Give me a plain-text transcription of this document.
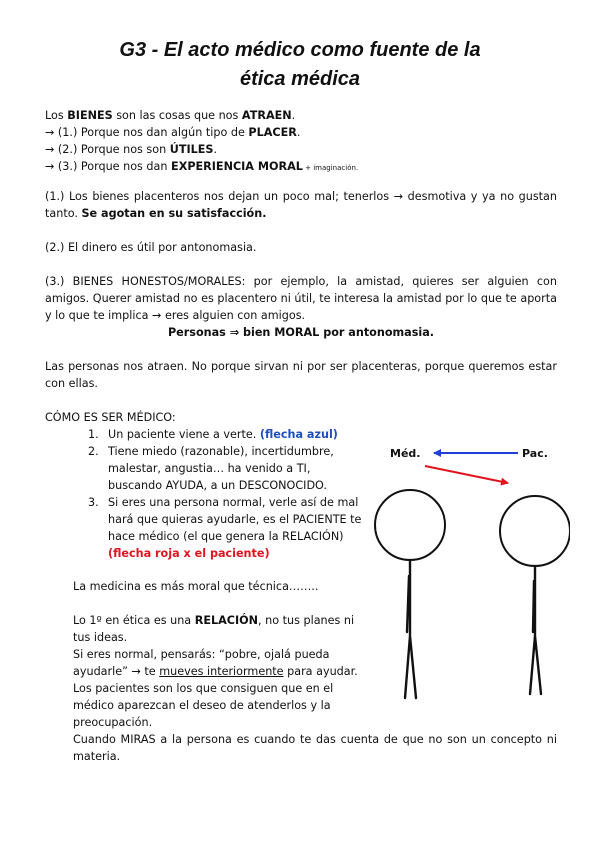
G3 - El acto médico como fuente de la
ética médica
Los BIENES son las cosas que nos ATRAEN.
→ (1.) Porque nos dan algún tipo de PLACER.
→ (2.) Porque nos son ÚTILES.
→ (3.) Porque nos dan EXPERIENCIA MORAL + imaginación.

(1.) Los bienes placenteros nos dejan un poco mal; tenerlos → desmotiva y ya no gustan tanto. Se agotan en su satisfacción.

(2.) El dinero es útil por antonomasia.

(3.) BIENES HONESTOS/MORALES: por ejemplo, la amistad, quieres ser alguien con amigos. Querer amistad no es placentero ni útil, te interesa la amistad por lo que te aporta y lo que te implica → eres alguien con amigos.
Personas ⇒ bien MORAL por antonomasia.

Las personas nos atraen. No porque sirvan ni por ser placenteras, porque queremos estar con ellas.

CÓMO ES SER MÉDICO:

1. Un paciente viene a verte. (flecha azul)
2. Tiene miedo (razonable), incertidumbre, malestar, angustia… ha venido a TI, buscando AYUDA, a un DESCONOCIDO.
3. Si eres una persona normal, verle así de mal hará que quieras ayudarle, es el PACIENTE te hace médico (el que genera la RELACIÓN) (flecha roja x el paciente)

La medicina es más moral que técnica……..

Lo 1º en ética es una RELACIÓN, no tus planes ni tus ideas.

Si eres normal, pensarás: “pobre, ojalá pueda ayudarle” → te mueves interiormente para ayudar.

Los pacientes son los que consiguen que en el médico aparezcan el deseo de atenderlos y la preocupación.

Cuando MIRAS a la persona es cuando te das cuenta de que no son un concepto ni materia.

Méd.	Pac.
